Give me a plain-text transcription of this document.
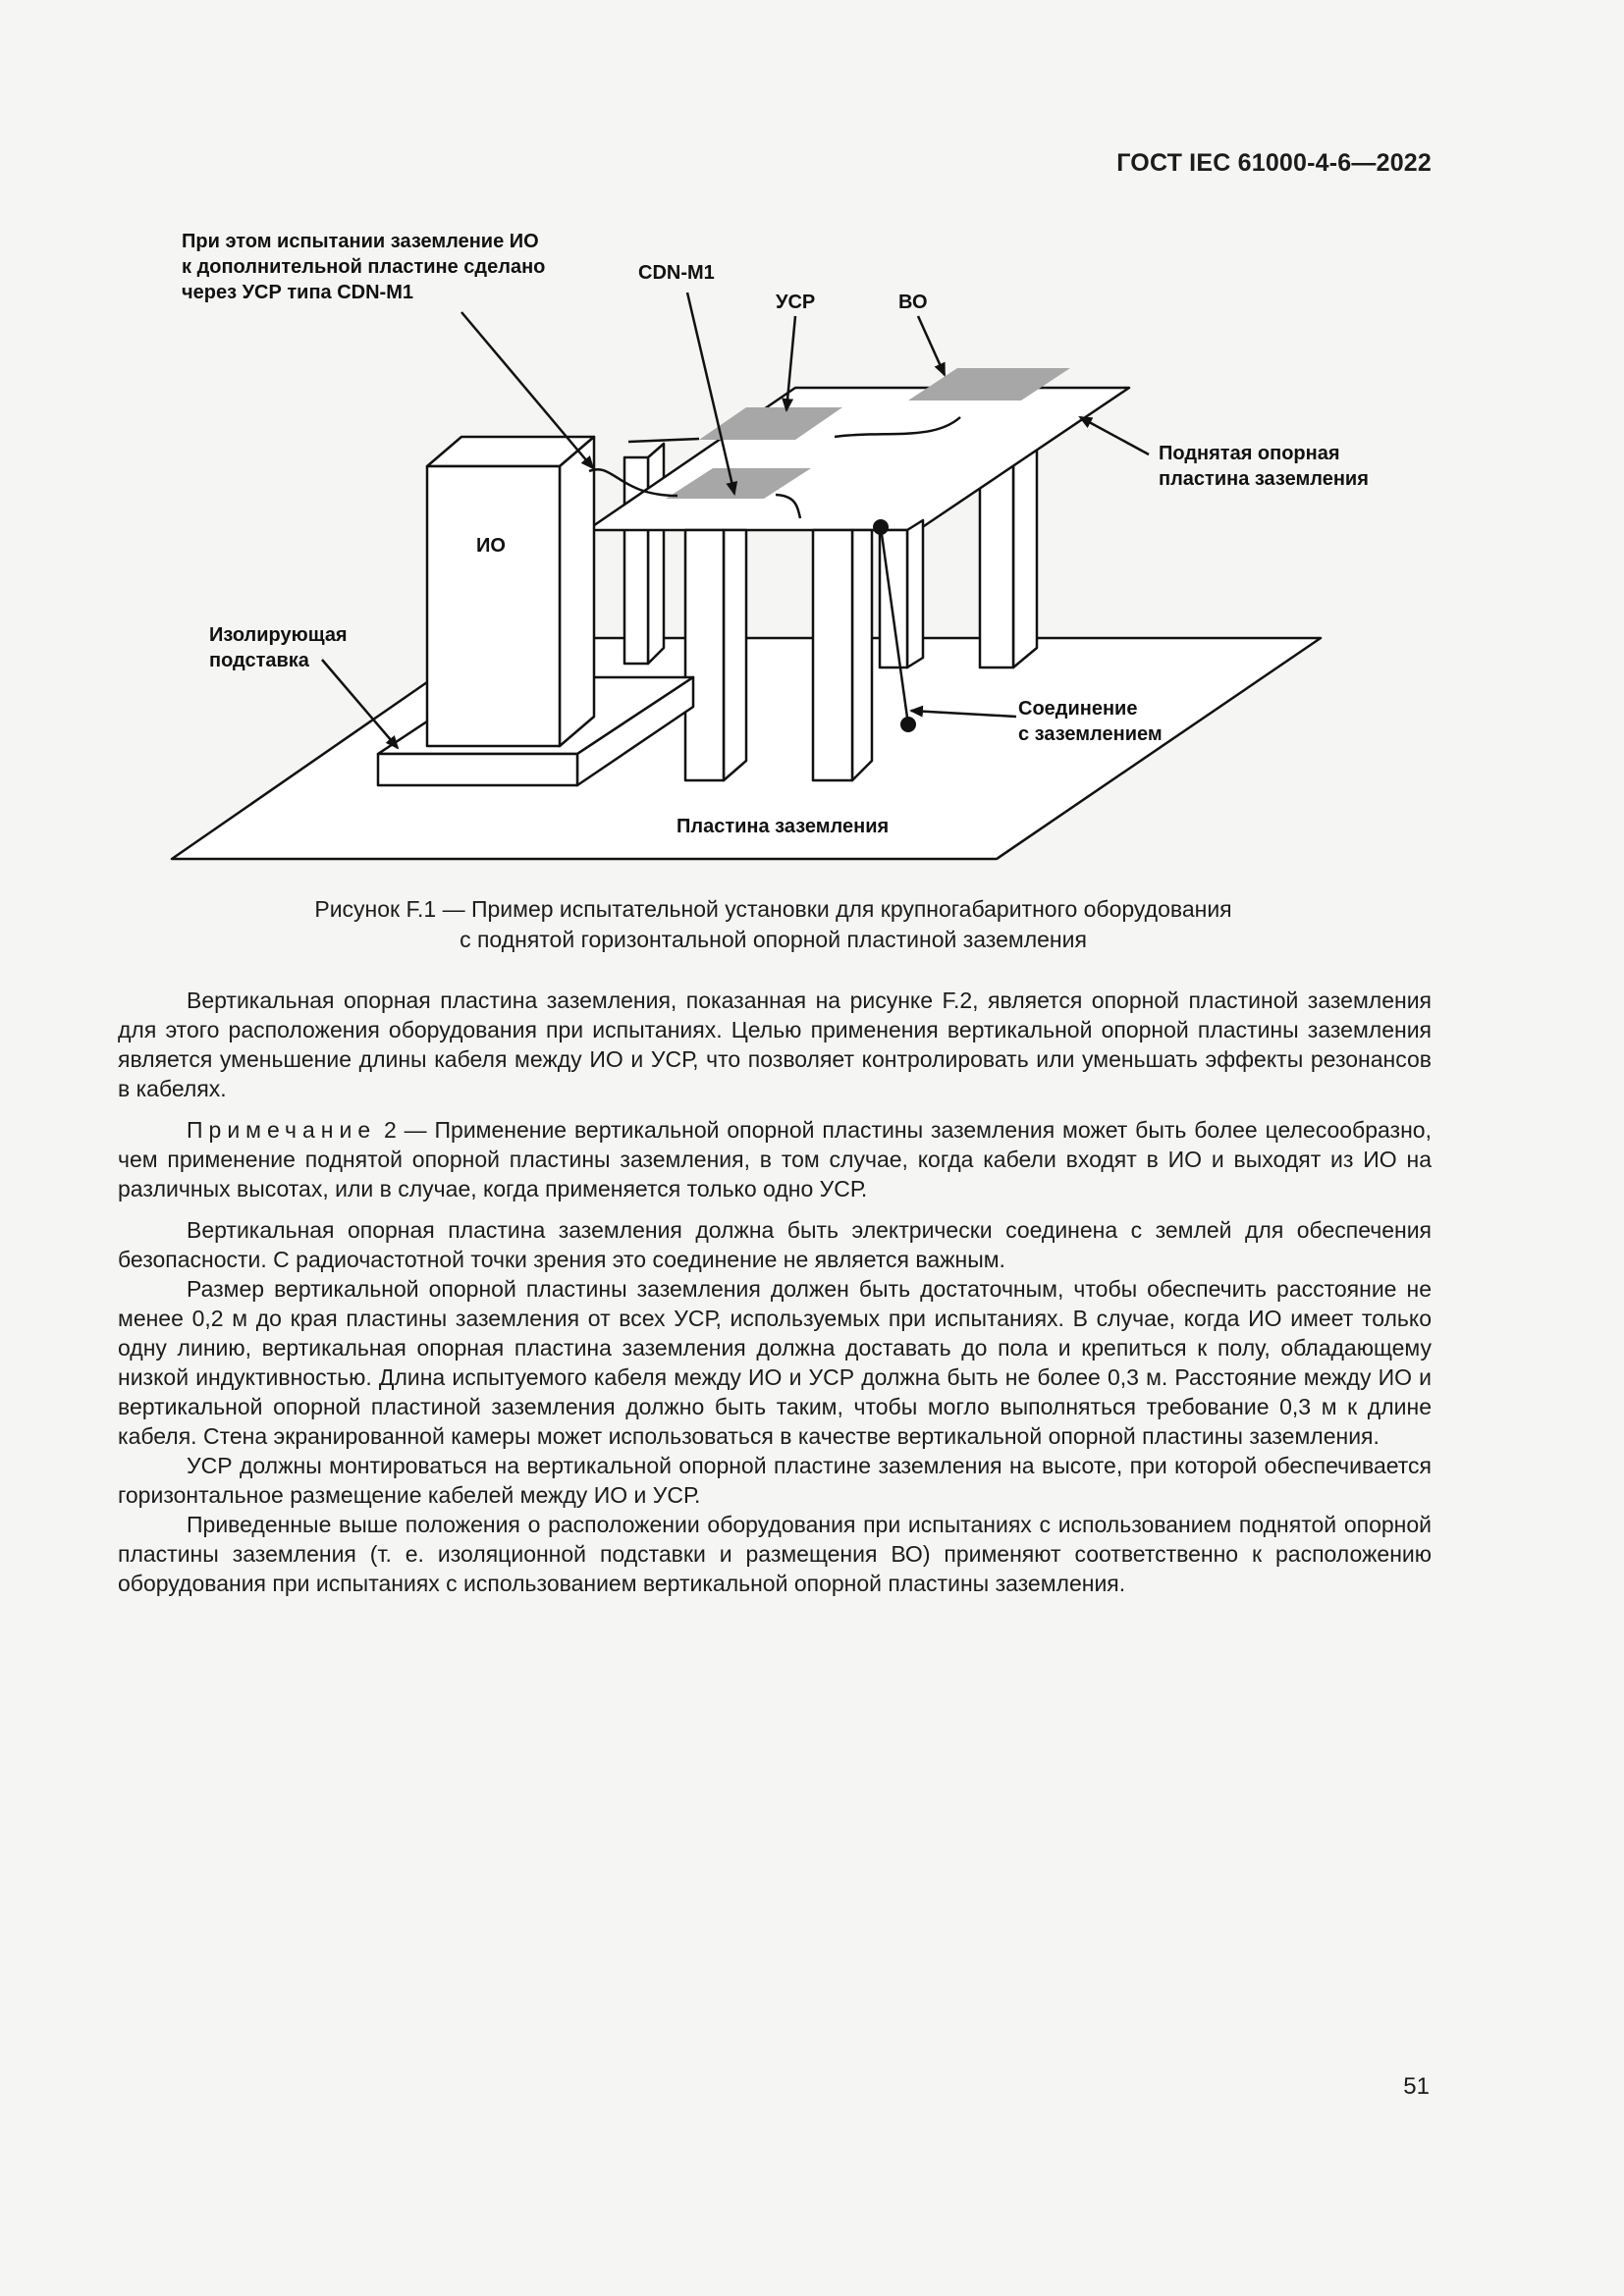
ГОСТ IEC 61000-4-6—2022
При этом испытании заземление ИО
к дополнительной пластине сделано
через УСР типа CDN-M1
CDN-M1
УСР	ВО
Поднятая опорная
пластина заземления
ИО
Изолирующая
подставка
Соединение
с заземлением
Пластина заземления
Рисунок F.1 — Пример испытательной установки для крупногабаритного оборудования
с поднятой горизонтальной опорной пластиной заземления

Вертикальная опорная пластина заземления, показанная на рисунке F.2, является опорной пластиной заземления для этого расположения оборудования при испытаниях. Целью применения вертикальной опорной пластины заземления является уменьшение длины кабеля между ИО и УСР, что позволяет контролировать или уменьшать эффекты резонансов в кабелях.

Примечание 2 — Применение вертикальной опорной пластины заземления может быть более целесообразно, чем применение поднятой опорной пластины заземления, в том случае, когда кабели входят в ИО и выходят из ИО на различных высотах, или в случае, когда применяется только одно УСР.

Вертикальная опорная пластина заземления должна быть электрически соединена с землей для обеспечения безопасности. С радиочастотной точки зрения это соединение не является важным.

Размер вертикальной опорной пластины заземления должен быть достаточным, чтобы обеспечить расстояние не менее 0,2 м до края пластины заземления от всех УСР, используемых при испытаниях. В случае, когда ИО имеет только одну линию, вертикальная опорная пластина заземления должна доставать до пола и крепиться к полу, обладающему низкой индуктивностью. Длина испытуемого кабеля между ИО и УСР должна быть не более 0,3 м. Расстояние между ИО и вертикальной опорной пластиной заземления должно быть таким, чтобы могло выполняться требование 0,3 м к длине кабеля. Стена экранированной камеры может использоваться в качестве вертикальной опорной пластины заземления.

УСР должны монтироваться на вертикальной опорной пластине заземления на высоте, при которой обеспечивается горизонтальное размещение кабелей между ИО и УСР.

Приведенные выше положения о расположении оборудования при испытаниях с использованием поднятой опорной пластины заземления (т. е. изоляционной подставки и размещения ВО) применяют соответственно к расположению оборудования при испытаниях с использованием вертикальной опорной пластины заземления.

51
